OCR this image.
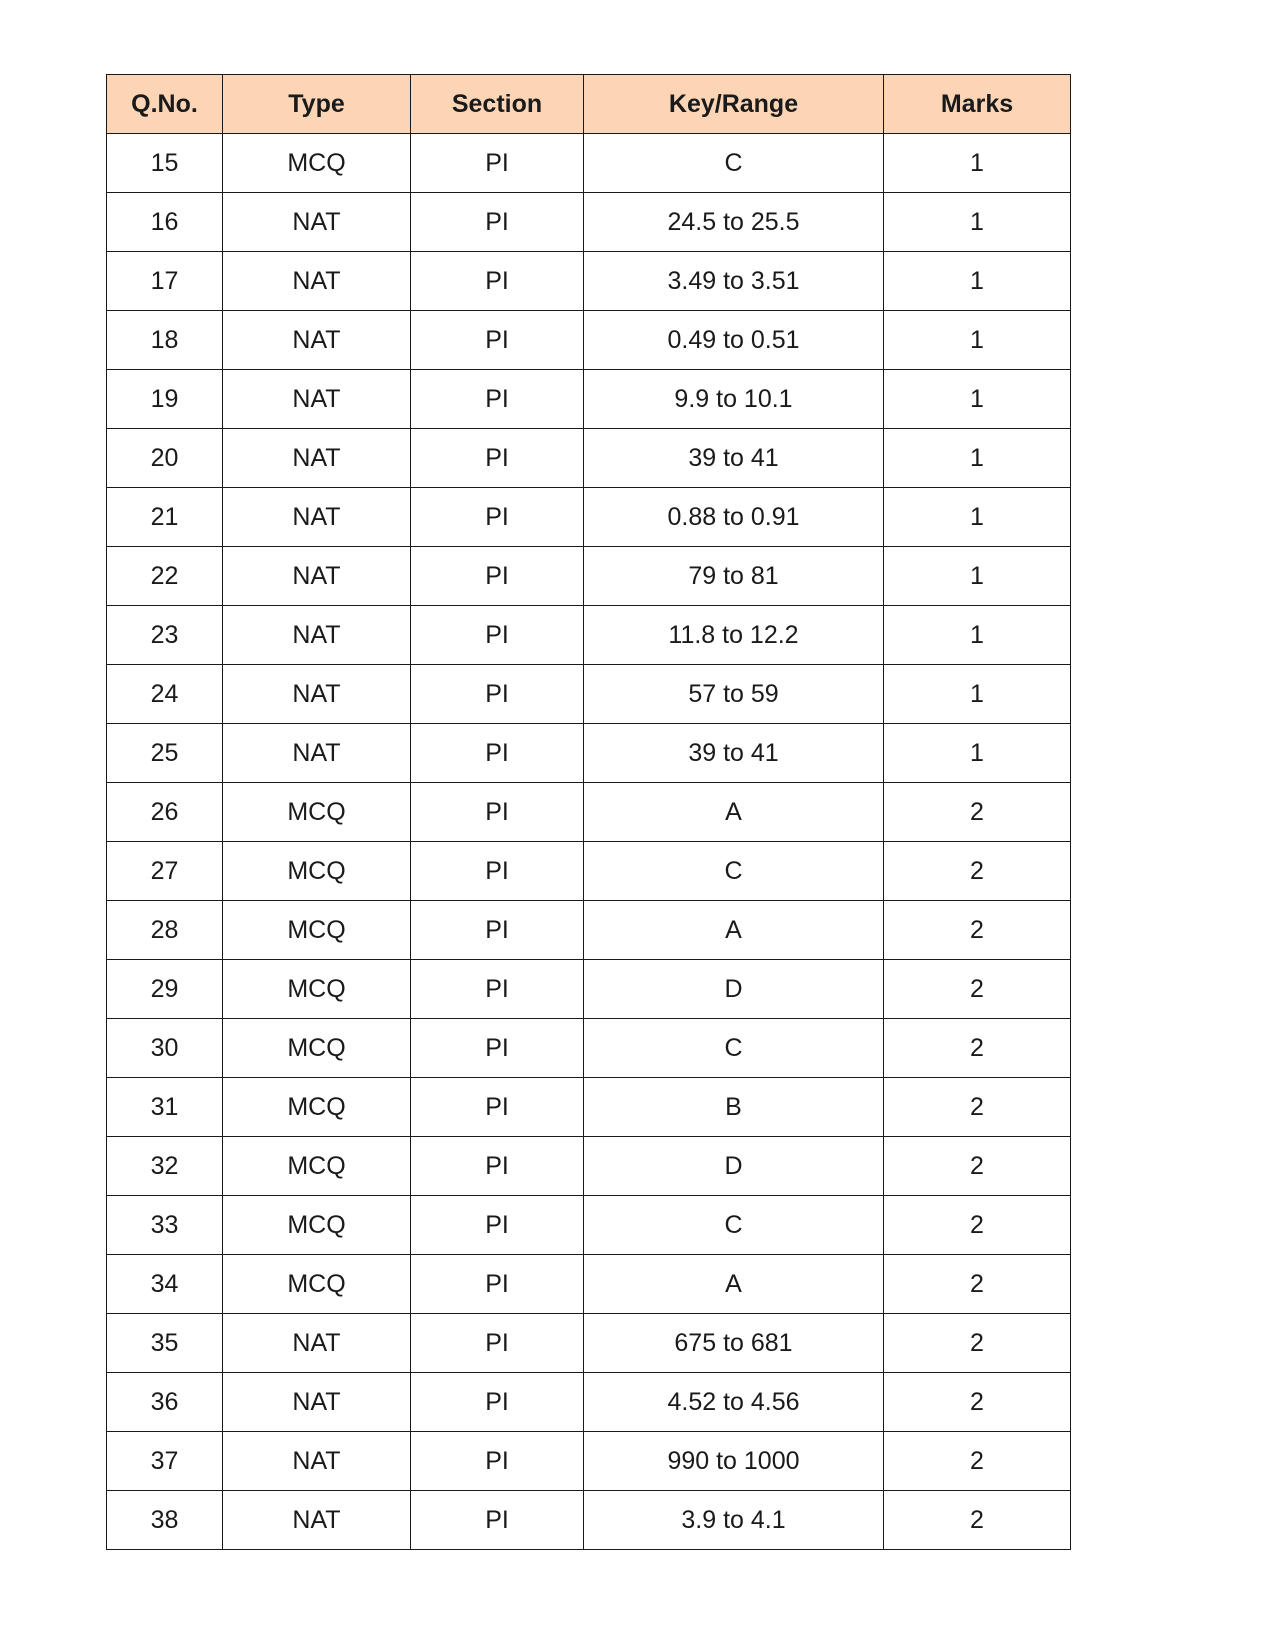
Q.No.	Type	Section	Key/Range	Marks
15	MCQ	PI	C	1
16	NAT	PI	24.5 to 25.5	1
17	NAT	PI	3.49 to 3.51	1
18	NAT	PI	0.49 to 0.51	1
19	NAT	PI	9.9 to 10.1	1
20	NAT	PI	39 to 41	1
21	NAT	PI	0.88 to 0.91	1
22	NAT	PI	79 to 81	1
23	NAT	PI	11.8 to 12.2	1
24	NAT	PI	57 to 59	1
25	NAT	PI	39 to 41	1
26	MCQ	PI	A	2
27	MCQ	PI	C	2
28	MCQ	PI	A	2
29	MCQ	PI	D	2
30	MCQ	PI	C	2
31	MCQ	PI	B	2
32	MCQ	PI	D	2
33	MCQ	PI	C	2
34	MCQ	PI	A	2
35	NAT	PI	675 to 681	2
36	NAT	PI	4.52 to 4.56	2
37	NAT	PI	990 to 1000	2
38	NAT	PI	3.9 to 4.1	2
